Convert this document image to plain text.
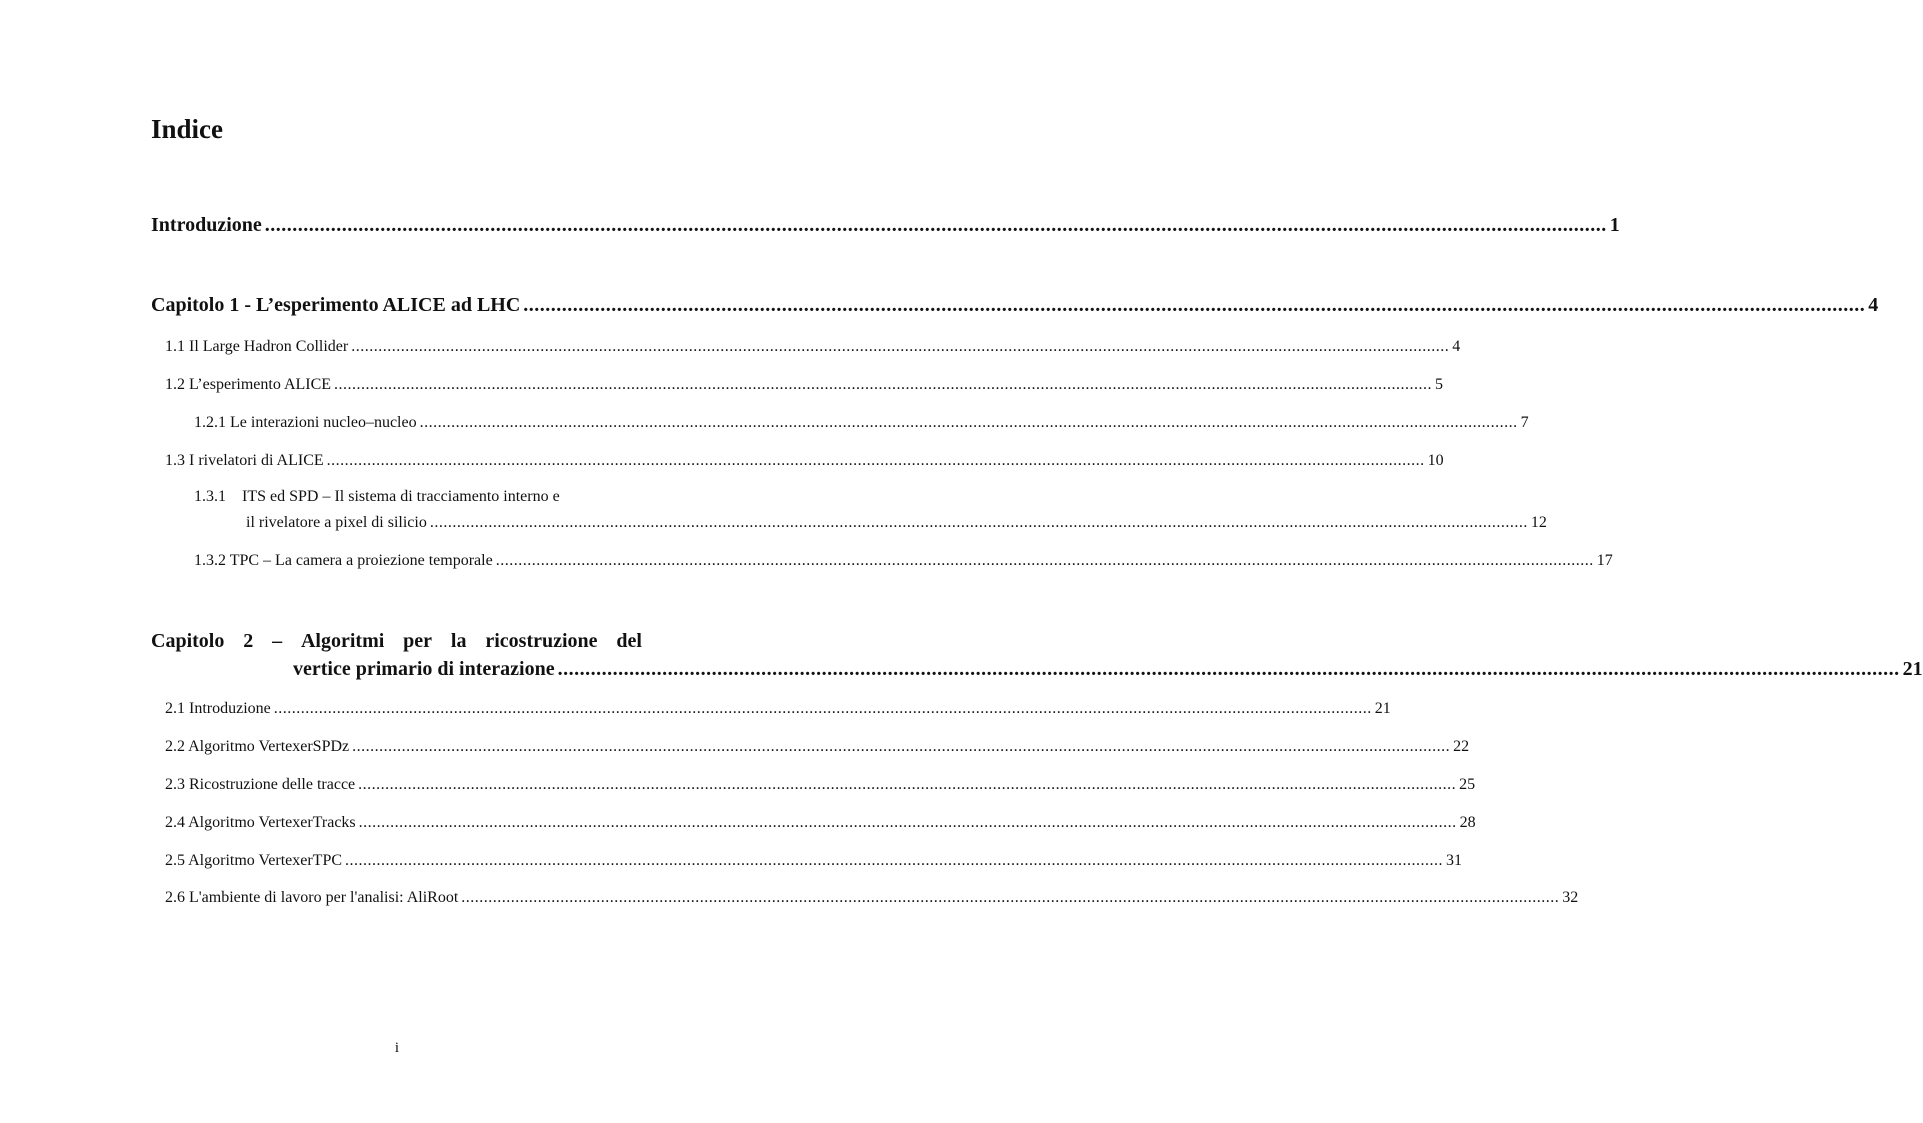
Indice
Introduzione .................................................................................................................................................................................................................................................... 1
Capitolo 1 - L’esperimento ALICE ad LHC .................................................................................................................................................................................................................................................... 4
1.1 Il Large Hadron Collider .................................................................................................................................................................................................................................................... 4
1.2 L’esperimento ALICE .................................................................................................................................................................................................................................................... 5
1.2.1 Le interazioni nucleo–nucleo .................................................................................................................................................................................................................................................... 7
1.3 I rivelatori di ALICE .................................................................................................................................................................................................................................................... 10
1.3.1    ITS ed SPD – Il sistema di tracciamento interno e
il rivelatore a pixel di silicio .................................................................................................................................................................................................................................................... 12
1.3.2 TPC – La camera a proiezione temporale .................................................................................................................................................................................................................................................... 17
Capitolo 2 – Algoritmi per la ricostruzione del
vertice primario di interazione .................................................................................................................................................................................................................................................... 21
2.1 Introduzione .................................................................................................................................................................................................................................................... 21
2.2 Algoritmo VertexerSPDz .................................................................................................................................................................................................................................................... 22
2.3 Ricostruzione delle tracce .................................................................................................................................................................................................................................................... 25
2.4 Algoritmo VertexerTracks .................................................................................................................................................................................................................................................... 28
2.5 Algoritmo VertexerTPC .................................................................................................................................................................................................................................................... 31
2.6 L'ambiente di lavoro per l'analisi: AliRoot .................................................................................................................................................................................................................................................... 32
i
